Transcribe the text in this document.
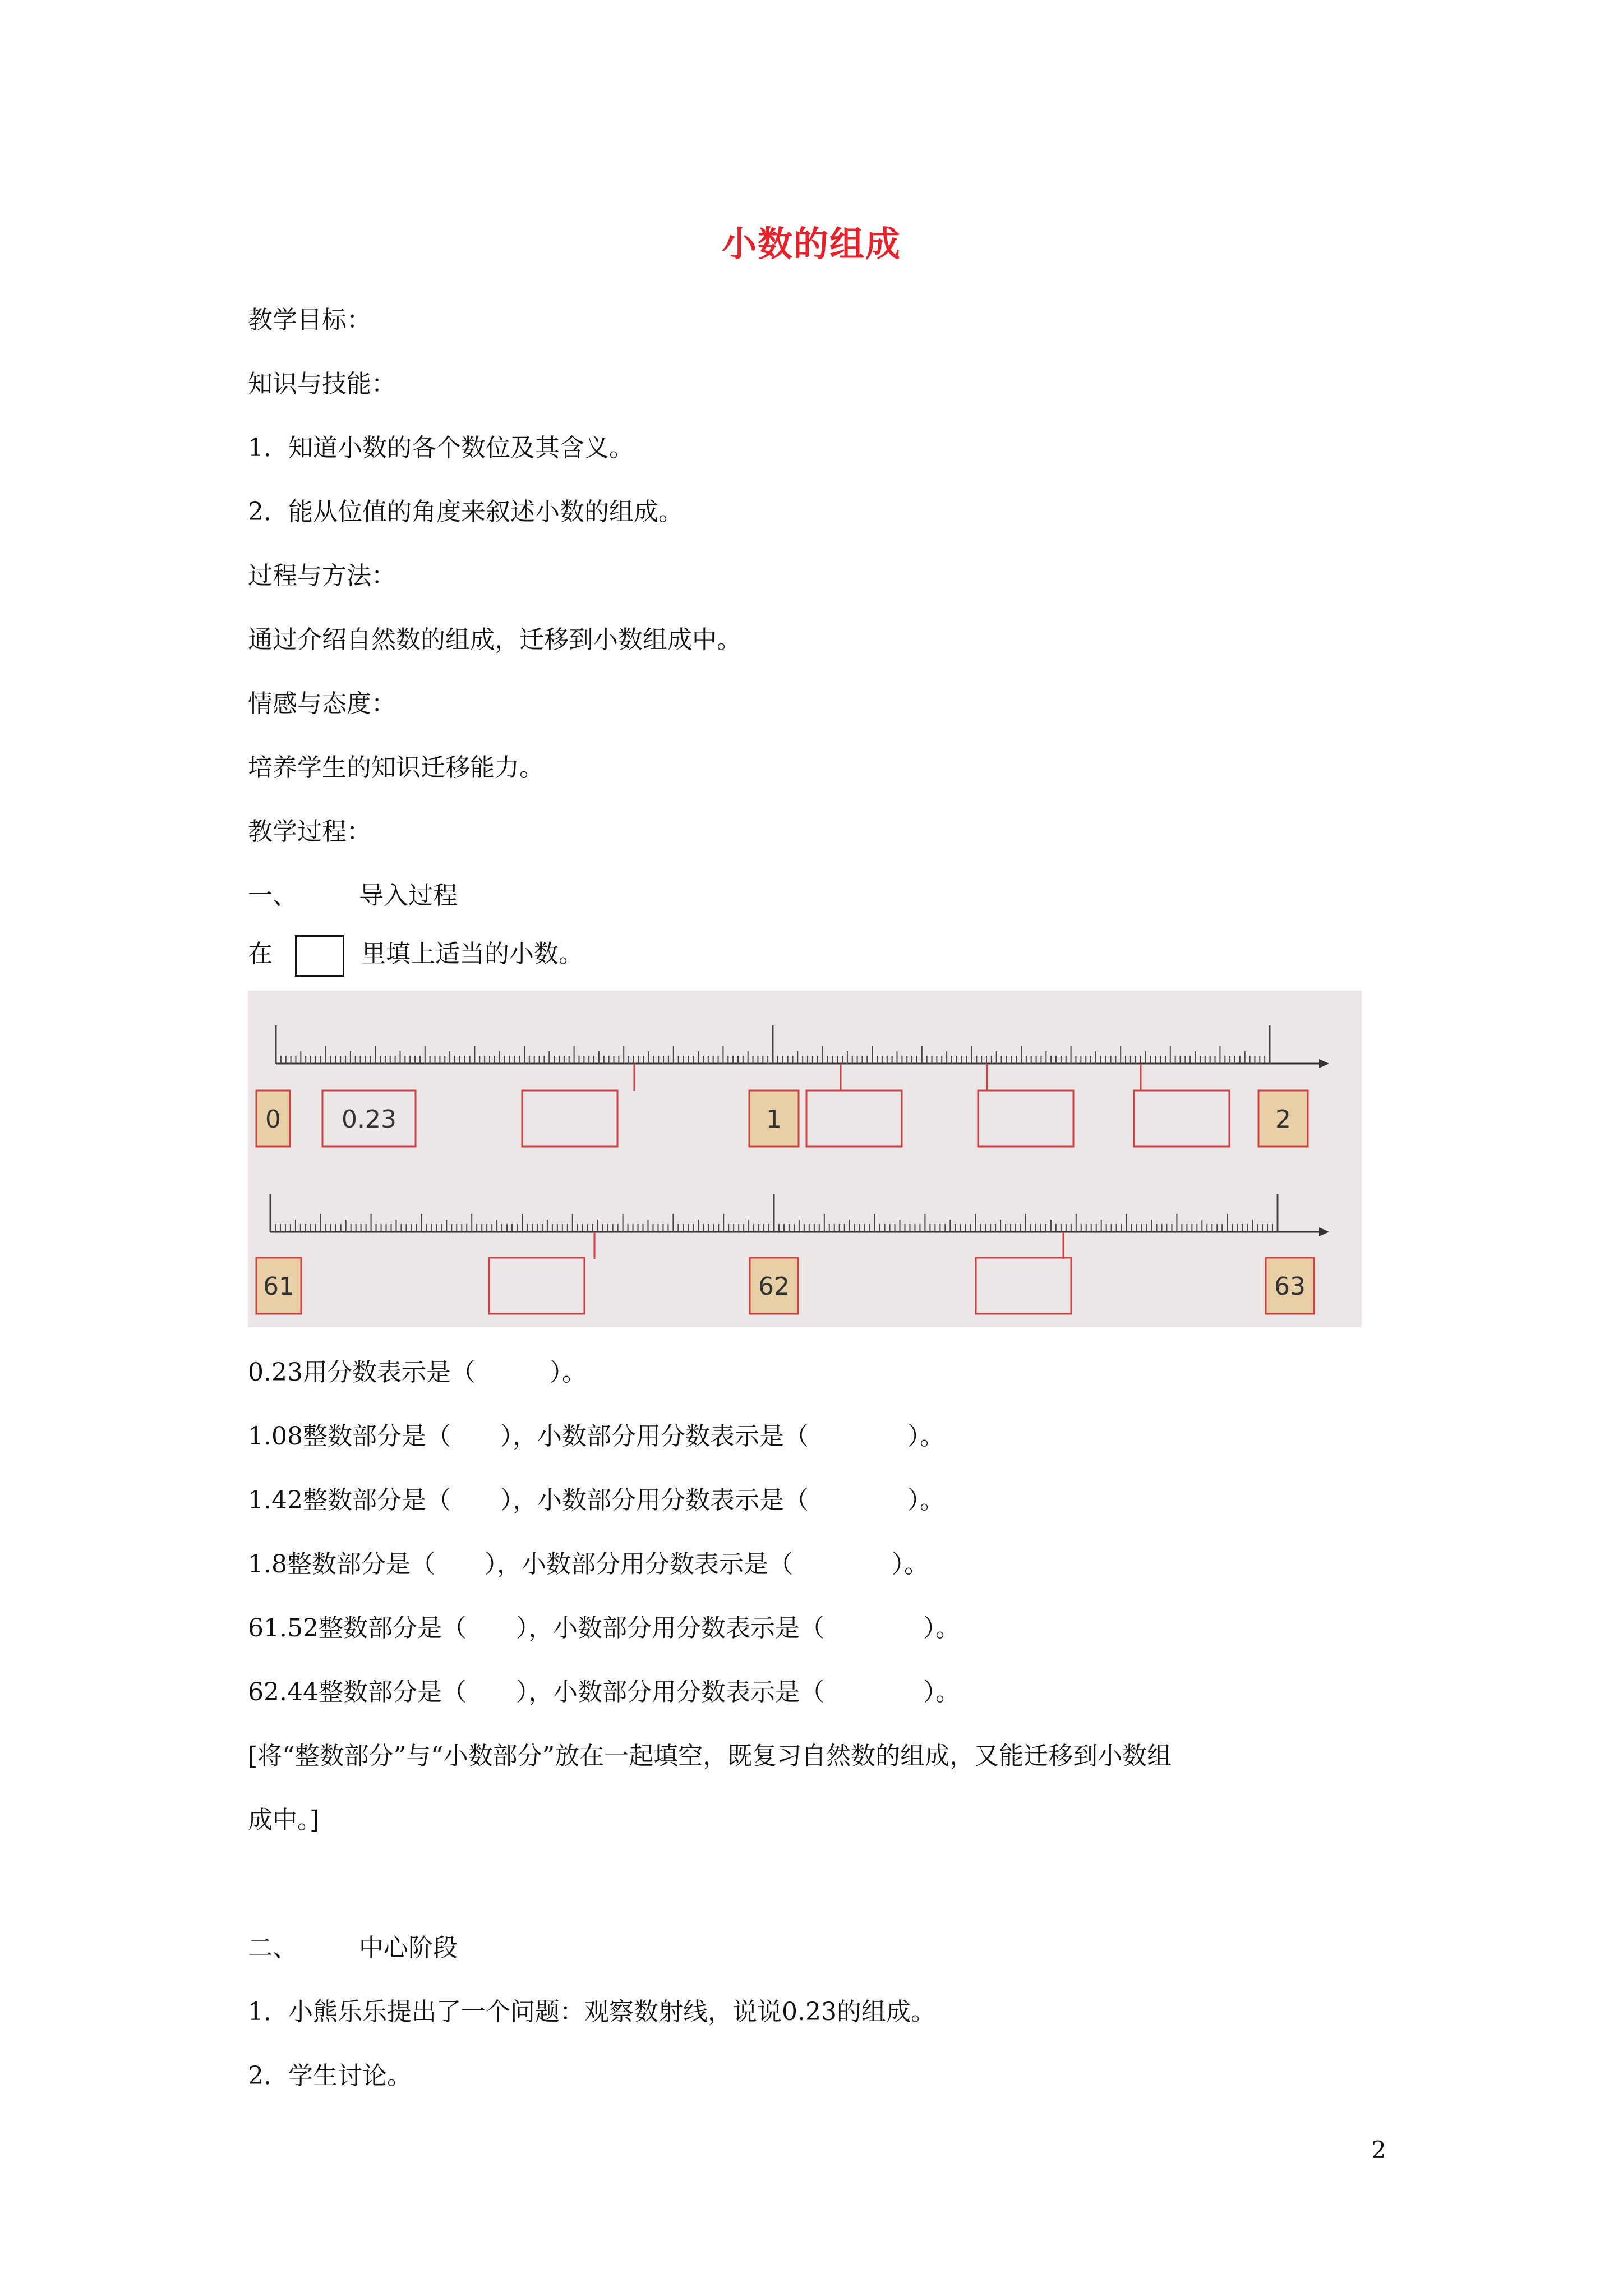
小数的组成
教学目标：
知识与技能：
1．知道小数的各个数位及其含义。
2．能从位值的角度来叙述小数的组成。
过程与方法：
通过介绍自然数的组成，迁移到小数组成中。
情感与态度：
培养学生的知识迁移能力。
教学过程：
一、	导入过程
在	里填上适当的小数。
0 0.23	1	2
61	62	63
0.23用分数表示是（　　　）。
1.08整数部分是（　　），小数部分用分数表示是（　　　　）。
1.42整数部分是（　　），小数部分用分数表示是（　　　　）。
1.8整数部分是（　　），小数部分用分数表示是（　　　　）。
61.52整数部分是（　　），小数部分用分数表示是（　　　　）。
62.44整数部分是（　　），小数部分用分数表示是（　　　　）。
[将“整数部分”与“小数部分”放在一起填空，既复习自然数的组成，又能迁移到小数组
成中。]
二、	中心阶段
1．小熊乐乐提出了一个问题：观察数射线，说说0.23的组成。
2．学生讨论。
2
